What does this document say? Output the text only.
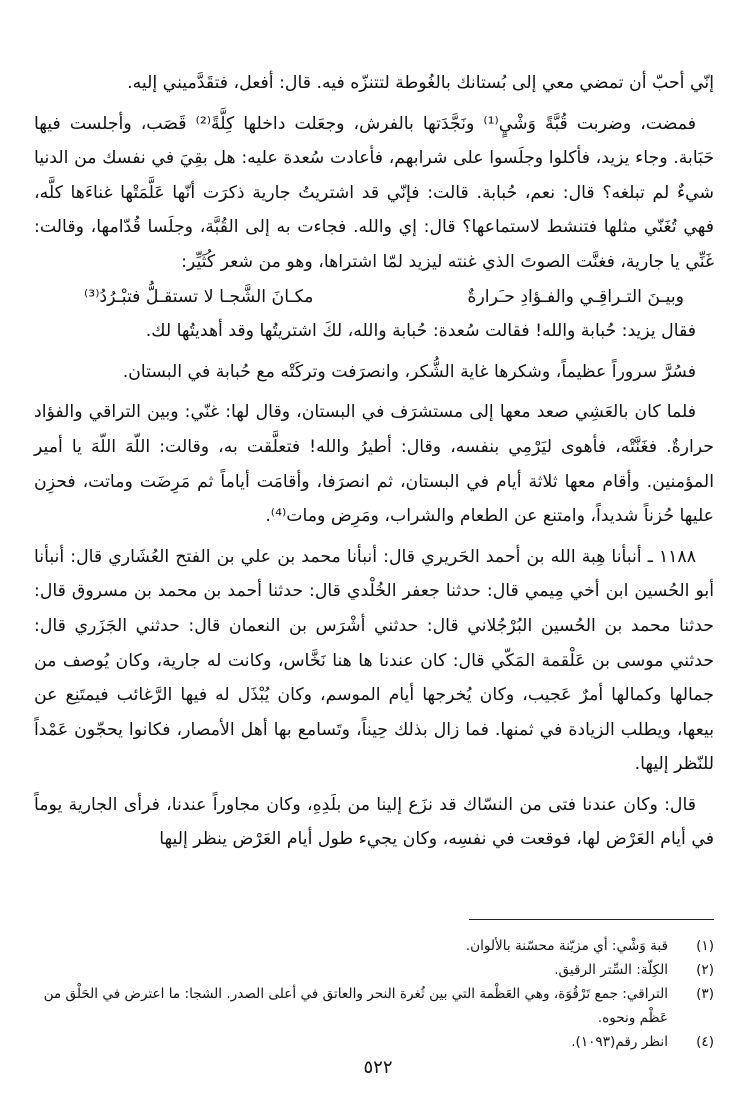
إنّي أحبّ أن تمضي معي إلى بُستانك بالغُوطة لتتنزّه فيه. قال: أفعل، فتقَدَّميني إليه.

فمضت، وضربت قُبَّةً وَشْيٍ⁽¹⁾ ونَجَّدَتها بالفرش، وجعَلت داخلها كِلَّةً⁽²⁾ قَصَب، وأجلست فيها حَبَابة. وجاء يزيد، فأكلوا وجلَسوا على شرابهم، فأعادت سُعدة عليه: هل بقِيَ في نفسك من الدنيا شيءٌ لم تبلغه؟ قال: نعم، حُبابة. قالت: فإنّي قد اشتريتُ جارية ذكرَت أنّها عَلَّمَتْها غناءَها كلَّه، فهي تُغَنّي مثلها فتنشط لاستماعها؟ قال: إي والله. فجاءت به إلى القُبَّة، وجلَسا قُدّامها، وقالت: غَنِّي يا جارية، فغنَّت الصوتَ الذي غنته ليزيد لمّا اشتراها، وهو من شعر كُثَيِّر:

وبيـنَ التـراقِـي والفـؤادِ حـَرارةٌ
مكـانَ الشَّجـا لا تستقـلُّ فتبْـرُدُ⁽³⁾

فقال يزيد: حُبابة والله! فقالت سُعدة: حُبابة والله، لكَ اشتريتُها وقد أهديتُها لك.

فسُرَّ سروراً عظيماً، وشكرها غاية الشُّكر، وانصرَفت وتركَتْه مع حُبابة في البستان.

فلما كان بالعَشِي صعد معها إلى مستشرَف في البستان، وقال لها: غنّي: وبين التراقي والفؤاد حرارةٌ. فغَنَّتْه، فأهوى ليَرْمِي بنفسه، وقال: أطيرُ والله! فتعلَّقت به، وقالت: اللّهَ اللّهَ يا أمير المؤمنين. وأقام معها ثلاثة أيام في البستان، ثم انصرَفا، وأقامَت أياماً ثم مَرِضَت وماتت، فحزِن عليها حُزناً شديداً، وامتنع عن الطعام والشراب، ومَرِض ومات⁽⁴⁾.

١١٨٨ ـ أنبأنا هِبة الله بن أحمد الحَريري قال: أنبأنا محمد بن علي بن الفتح العُشَاري قال: أنبأنا أبو الحُسين ابن أخي مِيمي قال: حدثنا جعفر الخُلْدي قال: حدثنا أحمد بن محمد بن مسروق قال: حدثنا محمد بن الحُسين البُرْجُلاني قال: حدثني أشْرَس بن النعمان قال: حدثني الجَزَري قال: حدثني موسى بن عَلْقمة المَكّي قال: كان عندنا ها هنا نَخَّاس، وكانت له جارية، وكان يُوصف من جمالها وكمالها أمرٌ عَجيب، وكان يُخرجها أيام الموسم، وكان يُبْذَل له فيها الرَّغائب فيمتَنِع عن بيعها، ويطلب الزيادة في ثمنها. فما زال بذلك حِيناً، وتَسامع بها أهل الأمصار، فكانوا يحجّون عَمْداً للنّظر إليها.

قال: وكان عندنا فتى من النسّاك قد نزَع إلينا من بلَدِهِ، وكان مجاوراً عندنا، فرأى الجارية يوماً في أيام العَرْض لها، فوقعت في نفسِه، وكان يجيء طول أيام العَرْض ينظر إليها

(١)
قبة وَشْي: أي مزيّنة محسّنة بالألوان.
(٢)
الكِلّة: السِّتر الرقيق.
(٣)
التراقي: جمع تَرْقُوَة، وهي العَظْمة التي بين ثُغرة النحر والعاتق في أعلى الصدر. الشجا: ما اعترض في الحَلْق من عَظْم ونحوه.
(٤)
انظر رقم(١٠٩٣).
٥٢٢
